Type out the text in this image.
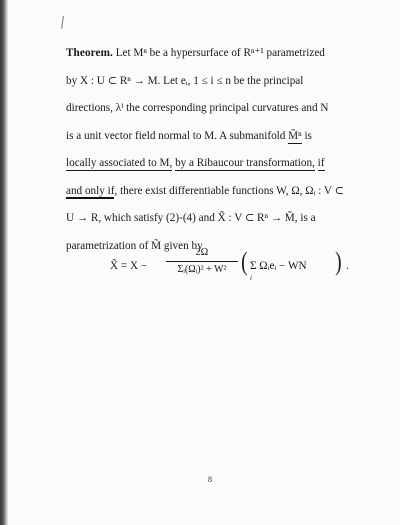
Theorem. Let Mⁿ be a hypersurface of Rⁿ⁺¹ parametrized
by X : U ⊂ Rⁿ → M. Let eᵢ, 1 ≤ i ≤ n be the principal
directions, λⁱ the corresponding principal curvatures and N
is a unit vector field normal to M. A submanifold M̃ⁿ is
locally associated to M, by a Ribaucour transformation, if
and only if, there exist differentiable functions W, Ω, Ωᵢ : V ⊂
U → R, which satisfy (2)-(4) and X̃ : V ⊂ Rⁿ → M̃, is a
parametrization of M̃ given by
X̃ = X −
2Ω
Σᵢ(Ωᵢ)² + W² ( Σ Ωᵢeᵢ − WN
i
) .
8
